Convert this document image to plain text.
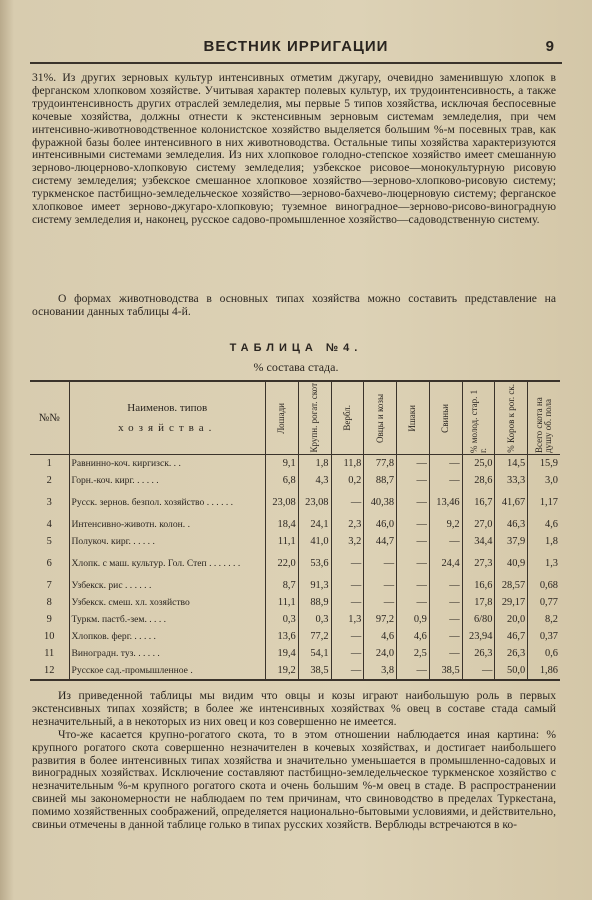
ВЕСТНИК ИРРИГАЦИИ	9

31%. Из других зерновых культур интенсивных отметим джугару, очевидно заменившую хлопок в ферганском хлопковом хозяйстве. Учитывая характер полевых культур, их трудоинтенсивность, а также трудоинтенсивность других отраслей земледелия, мы первые 5 типов хозяйства, исключая беспосевные кочевые хозяйства, должны отнести к экстенсивным зерновым системам земледелия, при чем интенсивно-животноводственное колонистское хозяйство выделяется большим %-м посевных трав, как фуражной базы более интенсивного в них животноводства. Остальные типы хозяйства характеризуются интенсивными системами земледелия. Из них хлопковое голодно-степское хозяйство имеет смешанную зерново-люцерново-хлопковую систему земледелия; узбекское рисовое—монокультурную рисовую систему земледелия; узбекское смешанное хлопковое хозяйство—зерново-хлопково-рисовую систему; туркменское пастбищно-земледельческое хозяйство—зерново-бахчево-люцерновую систему; ферганское хлопковое имеет зерново-джугаро-хлопковую; туземное виноградное—зерново-рисово-виноградную систему земледелия и, наконец, русское садово-промышленное хозяйство—садоводственную систему.

О формах животноводства в основных типах хозяйства можно составить представление на основании данных таблицы 4-й.

ТАБЛИЦА №4.
% состава стада.
№№	Наименов. типов
хозяйства.	Лошади	Крупн. рогат. скот	Вербл.	Овцы и козы	Ишаки	Свиньи	% молод. стар. 1 г.	% Коров к рог. ск.	Всего скота на душу об. пола

1	Равнинно-коч. киргизск. . .	9,1	1,8	11,8	77,8	—	—	25,0	14,5	15,9
2	Горн.-коч. кирг. . . . . .	6,8	4,3	0,2	88,7	—	—	28,6	33,3	3,0
3	Русск. зернов. безпол. хозяйство . . . . . .	23,08	23,08	—	40,38	—	13,46	16,7	41,67	1,17
4	Интенсивно-животн. колон. .	18,4	24,1	2,3	46,0	—	9,2	27,0	46,3	4,6
5	Полукоч. кирг. . . . . .	11,1	41,0	3,2	44,7	—	—	34,4	37,9	1,8
6	Хлопк. с маш. культур. Гол. Степ . . . . . . .	22,0	53,6	—	—	—	24,4	27,3	40,9	1,3
7	Узбекск. рис . . . . . .	8,7	91,3	—	—	—	—	16,6	28,57	0,68
8	Узбекск. смеш. хл. хозяйство	11,1	88,9	—	—	—	—	17,8	29,17	0,77
9	Туркм. пастб.-зем. . . . .	0,3	0,3	1,3	97,2	0,9	—	6/80	20,0	8,2
10	Хлопков. ферг. . . . . .	13,6	77,2	—	4,6	4,6	—	23,94	46,7	0,37
11	Виноградн. туз. . . . . .	19,4	54,1	—	24,0	2,5	—	26,3	26,3	0,6
12	Русское сад.-промышленное .	19,2	38,5	—	3,8	—	38,5	—	50,0	1,86

Из приведенной таблицы мы видим что овцы и козы играют наибольшую роль в первых экстенсивных типах хозяйств; в более же интенсивных хозяйствах % овец в составе стада самый незначительный, а в некоторых из них овец и коз совершенно не имеется.

Что-же касается крупно-рогатого скота, то в этом отношении наблюдается иная картина: % крупного рогатого скота совершенно незначителен в кочевых хозяйствах, и достигает наибольшего развития в более интенсивных типах хозяйства и значительно уменьшается в промышленно-садовых и виноградных хозяйствах. Исключение составляют пастбищно-земледельческое туркменское хозяйство с незначительным %-м крупного рогатого скота и очень большим %-м овец в стаде. В распространении свиней мы закономерности не наблюдаем по тем причинам, что свиноводство в пределах Туркестана, помимо хозяйственных соображений, определяется национально-бытовыми условиями, и действительно, свиньи отмечены в данной таблице голько в типах русских хозяйств. Верблюды встречаются в ко-
